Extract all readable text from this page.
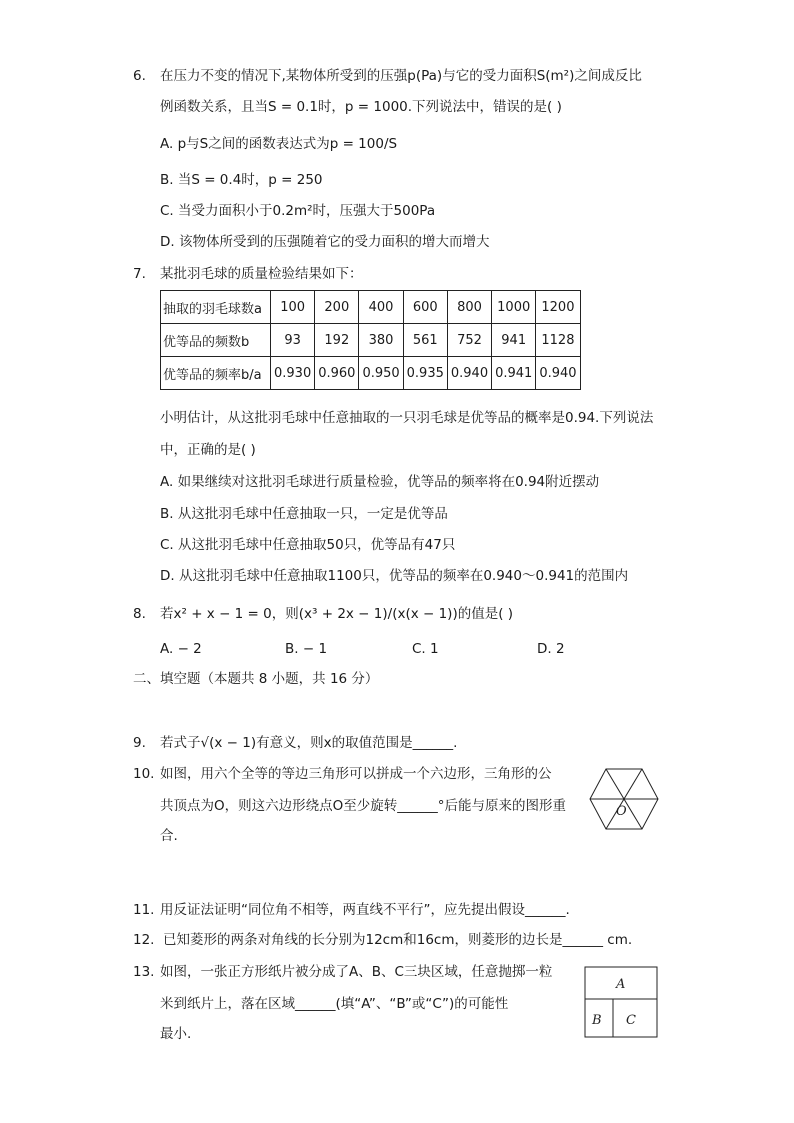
6. 在压力不变的情况下,某物体所受到的压强p(Pa)与它的受力面积S(m²)之间成反比
例函数关系，且当S = 0.1时，p = 1000.下列说法中，错误的是( )
A. p与S之间的函数表达式为p = 100/S
B. 当S = 0.4时，p = 250
C. 当受力面积小于0.2m²时，压强大于500Pa
D. 该物体所受到的压强随着它的受力面积的增大而增大
7. 某批羽毛球的质量检验结果如下：
抽取的羽毛球数a	100	200	400	600	800	1000	1200
优等品的频数b	93	192	380	561	752	941	1128
优等品的频率b/a	0.930	0.960	0.950	0.935	0.940	0.941	0.940
小明估计，从这批羽毛球中任意抽取的一只羽毛球是优等品的概率是0.94.下列说法
中，正确的是( )
A. 如果继续对这批羽毛球进行质量检验，优等品的频率将在0.94附近摆动
B. 从这批羽毛球中任意抽取一只，一定是优等品
C. 从这批羽毛球中任意抽取50只，优等品有47只
D. 从这批羽毛球中任意抽取1100只，优等品的频率在0.940～0.941的范围内
8. 若x² + x − 1 = 0，则(x³ + 2x − 1)/(x(x − 1))的值是( )
A. − 2	B. − 1	C. 1	D. 2
二、填空题（本题共 8 小题，共 16 分）
9. 若式子√(x − 1)有意义，则x的取值范围是______.
10. 如图，用六个全等的等边三角形可以拼成一个六边形，三角形的公
共顶点为O，则这六边形绕点O至少旋转______°后能与原来的图形重
合.
O
11. 用反证法证明“同位角不相等，两直线不平行”，应先提出假设______.
12. 已知菱形的两条对角线的长分别为12cm和16cm，则菱形的边长是______ cm.
13. 如图，一张正方形纸片被分成了A、B、C三块区域，任意抛掷一粒
米到纸片上，落在区域______(填“A”、“B”或“C”)的可能性
最小.
A
B C
